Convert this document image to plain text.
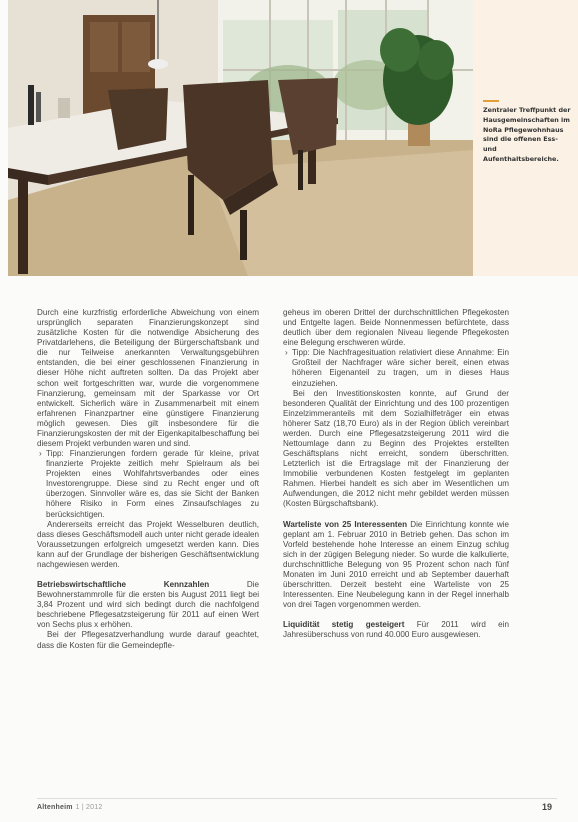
Zentraler Treffpunkt der Hausgemeinschaften im NoRa Pflegewohnhaus sind die offenen Ess- und Aufenthaltsbereiche.

Durch eine kurzfristig erforderliche Abweichung von einem ursprünglich separaten Finanzierungskonzept sind zusätzliche Kosten für die notwendige Absicherung des Privatdarlehens, die Beteiligung der Bürgerschaftsbank und die nur Teilweise anerkannten Verwaltungsgebühren entstanden, die bei einer geschlossenen Finanzierung in dieser Höhe nicht auftreten sollten. Da das Projekt aber schon weit fortgeschritten war, wurde die vorgenommene Finanzierung, gemeinsam mit der Sparkasse vor Ort entwickelt. Sicherlich wäre in Zusammenarbeit mit einem erfahrenen Finanzpartner eine günstigere Finanzierung möglich gewesen. Dies gilt insbesondere für die Finanzierungskosten der mit der Eigenkapitalbeschaffung bei diesem Projekt verbunden waren und sind.

› Tipp: Finanzierungen fordern gerade für kleine, privat finanzierte Projekte zeitlich mehr Spielraum als bei Projekten eines Wohlfahrtsverbandes oder eines Investorengruppe. Diese sind zu Recht enger und oft überzogen. Sinnvoller wäre es, das sie Sicht der Banken höhere Risiko in Form eines Zinsaufschlages zu berücksichtigen.

Andererseits erreicht das Projekt Wesselburen deutlich, dass dieses Geschäftsmodell auch unter nicht gerade idealen Voraussetzungen erfolgreich umgesetzt werden kann. Dies kann auf der Grundlage der bisherigen Geschäftsentwicklung nachgewiesen werden.

Betriebswirtschaftliche Kennzahlen Die Bewohnerstammrolle für die ersten bis August 2011 liegt bei 3,84 Prozent und wird sich bedingt durch die nachfolgend beschriebene Pflegesatzsteigerung für 2011 auf einen Wert von Sechs plus x erhöhen.

Bei der Pflegesatzverhandlung wurde darauf geachtet, dass die Kosten für die Gemeindepfle-

geheus im oberen Drittel der durchschnittlichen Pflegekosten und Entgelte lagen. Beide Nonnenmessen befürchtete, dass deutlich über dem regionalen Niveau liegende Pflegekosten eine Belegung erschweren würde.

› Tipp: Die Nachfragesituation relativiert diese Annahme: Ein Großteil der Nachfrager wäre sicher bereit, einen etwas höheren Eigenanteil zu tragen, um in dieses Haus einzuziehen.

Bei den Investitionskosten konnte, auf Grund der besonderen Qualität der Einrichtung und des 100 prozentigen Einzelzimmeranteils mit dem Sozialhilfeträger ein etwas höherer Satz (18,70 Euro) als in der Region üblich vereinbart werden. Durch eine Pflegesatzsteigerung 2011 wird die Nettoumlage dann zu Beginn des Projektes erstellten Geschäftsplans nicht erreicht, sondern überschritten. Letzterlich ist die Ertragslage mit der Finanzierung der Immobilie verbundenen Kosten festgelegt im geplanten Rahmen. Hierbei handelt es sich aber im Wesentlichen um Aufwendungen, die 2012 nicht mehr gebildet werden müssen (Kosten Bürgschaftsbank).

Warteliste von 25 Interessenten Die Einrichtung konnte wie geplant am 1. Februar 2010 in Betrieb gehen. Das schon im Vorfeld bestehende hohe Interesse an einem Einzug schlug sich in der zügigen Belegung nieder. So wurde die kalkulierte, durchschnittliche Belegung von 95 Prozent schon nach fünf Monaten im Juni 2010 erreicht und ab September dauerhaft überschritten. Derzeit besteht eine Warteliste von 25 Interessenten. Eine Neubelegung kann in der Regel innerhalb von drei Tagen vorgenommen werden.

Liquidität stetig gesteigert Für 2011 wird ein Jahresüberschuss von rund 40.000 Euro ausgewiesen.

Altenheim 1 | 2012	19
